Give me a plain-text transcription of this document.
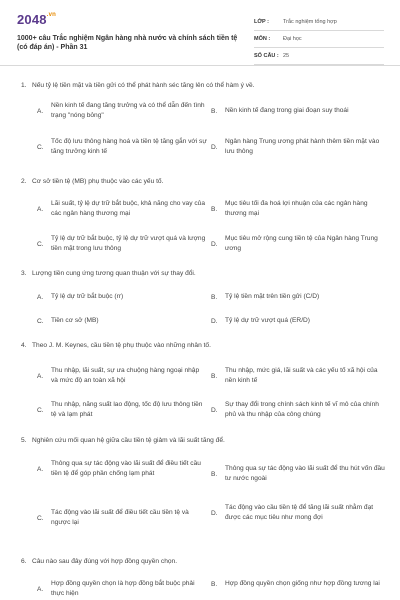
$2048^{.vn}$
1000+ câu Trắc nghiệm Ngân hàng nhà nước và chính sách tiền tệ (có đáp án) - Phần 31
LỚP :	Trắc nghiệm tổng hợp
MÔN :	Đại học
SỐ CÂU : 25
1. Nếu tỷ lệ tiền mặt và tiền gửi có thể phát hành séc tăng lên có thể hàm ý về.
A.
Nền kinh tế đang tăng trưởng và có thể dẫn đến tình trạng "nóng bỏng"
B.	Nền kinh tế đang trong giai đoạn suy thoái
C.
Tốc độ lưu thông hàng hoá và tiền tệ tăng gắn với sự tăng trưởng kinh tế
D.
Ngân hàng Trung ương phát hành thêm tiền mặt vào lưu thông
2. Cơ sở tiền tệ (MB) phụ thuộc vào các yếu tố.
A.
Lãi suất, tỷ lệ dự trữ bắt buộc, khả năng cho vay của các ngân hàng thương mại
B.
Mục tiêu tối đa hoá lợi nhuận của các ngân hàng thương mại
C.
Tỷ lệ dự trữ bắt buộc, tỷ lệ dự trữ vượt quá và lượng tiền mặt trong lưu thông
D.
Mục tiêu mở rộng cung tiền tệ của Ngân hàng Trung ương
3. Lượng tiền cung ứng tương quan thuận với sự thay đổi.
A.	Tỷ lệ dự trữ bắt buộc (rr)	B.	Tỷ lệ tiền mặt trên tiền gửi (C/D)
C.	Tiền cơ sở (MB)	D.	Tỷ lệ dự trữ vượt quá (ER/D)
4. Theo J. M. Keynes, cầu tiền tệ phụ thuộc vào những nhân tố.
A.
Thu nhập, lãi suất, sự ưa chuộng hàng ngoại nhập và mức độ an toàn xã hội
B.
Thu nhập, mức giá, lãi suất và các yếu tố xã hội của nền kinh tế
C.
Thu nhập, năng suất lao động, tốc độ lưu thông tiền tệ và lạm phát
D.
Sự thay đổi trong chính sách kinh tế vĩ mô của chính phủ và thu nhập của công chúng
5. Nghiên cứu mối quan hệ giữa cầu tiền tệ giảm và lãi suất tăng để.
A.
Thông qua sự tác động vào lãi suất để điều tiết cầu tiền tệ để góp phần chống lạm phát	B.
Thông qua sự tác động vào lãi suất để thu hút vốn đầu tư nước ngoài
C.
Tác động vào lãi suất để điều tiết cầu tiền tệ và ngược lại
D.
Tác động vào cầu tiền tệ để tăng lãi suất nhằm đạt được các mục tiêu như mong đợi
6. Câu nào sau đây đúng với hợp đồng quyền chọn.
A.
Hợp đồng quyền chọn là hợp đồng bắt buộc phải thực hiện
B.	Hợp đồng quyền chọn giống như hợp đồng tương lai
